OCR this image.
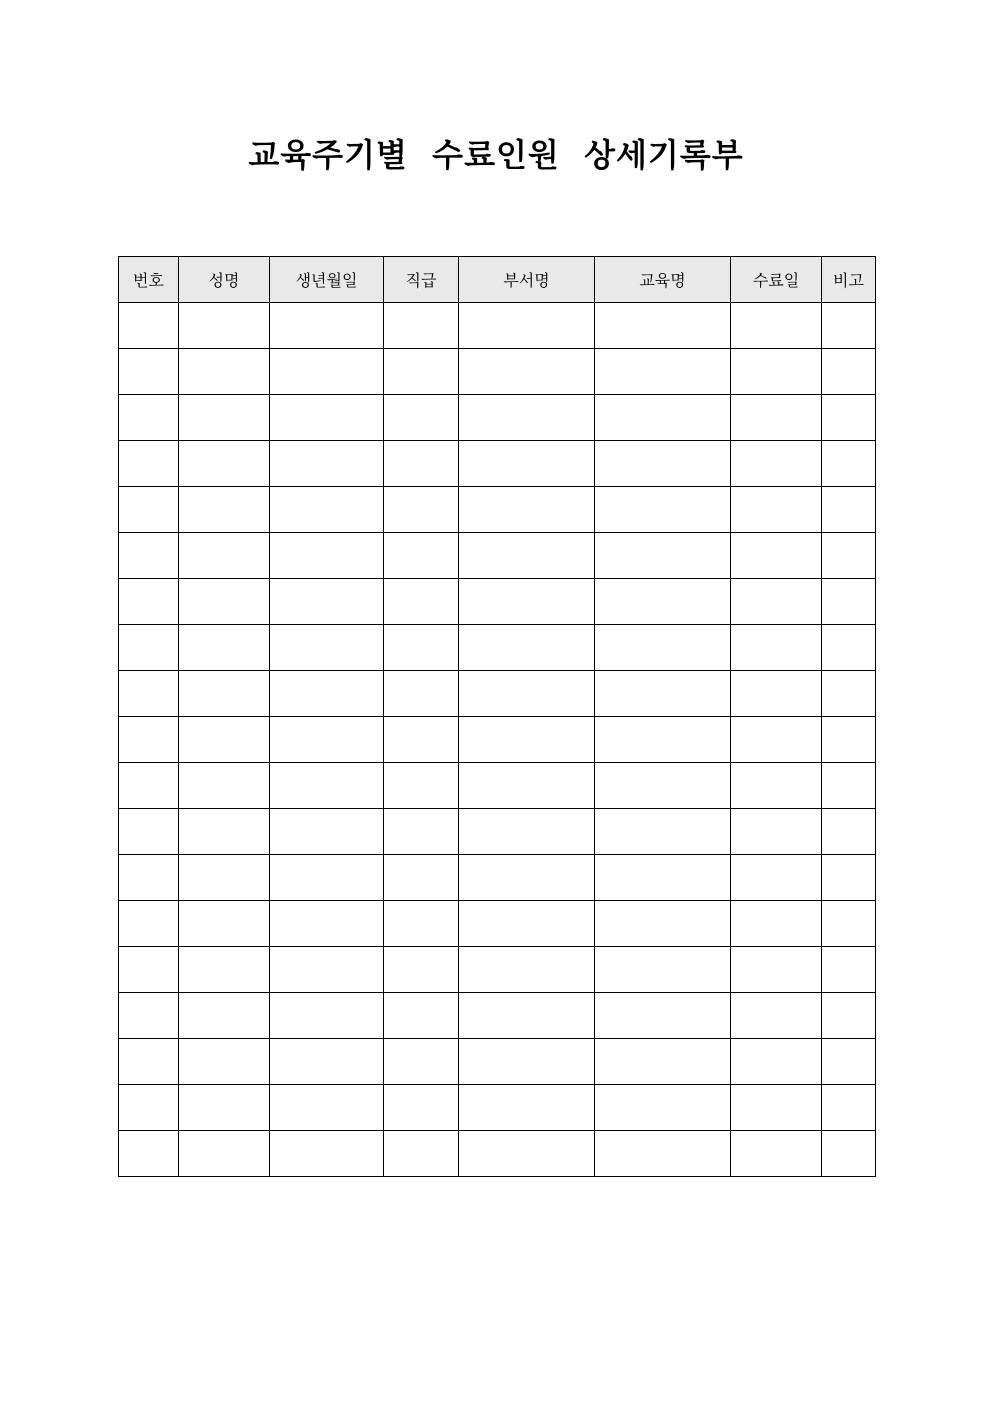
교육주기별  수료인원  상세기록부
번호	성명	생년월일	직급	부서명	교육명	수료일	비고
